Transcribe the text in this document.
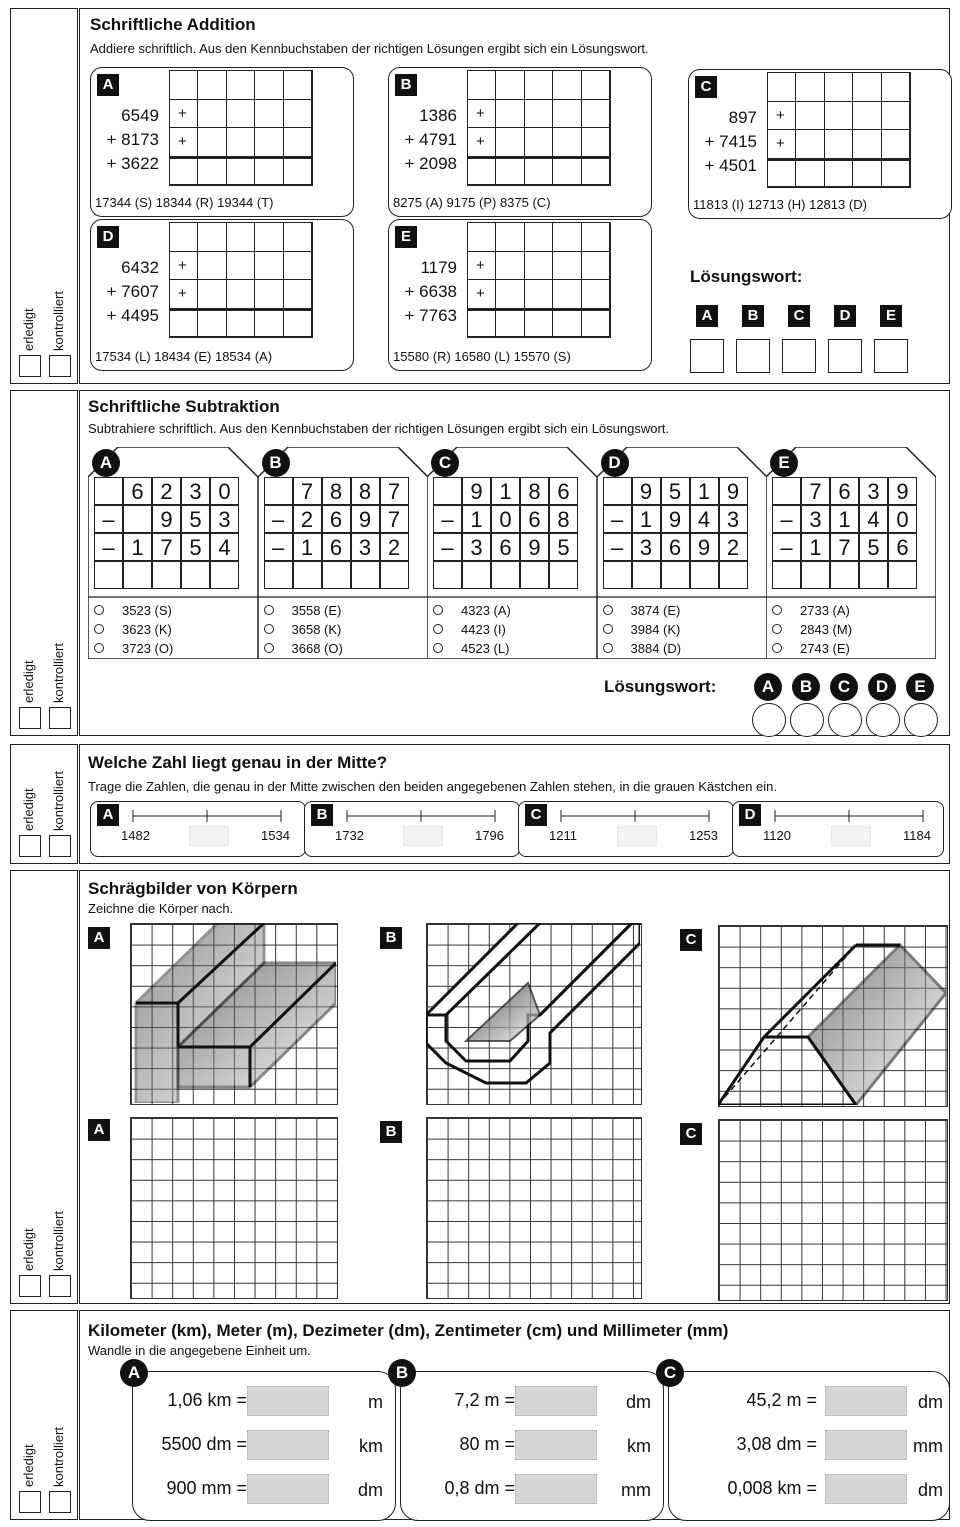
erledigt kontrolliert
erledigt kontrolliert
erledigt kontrolliert
erledigt kontrolliert
erledigt kontrolliert
Schriftliche Addition
Addiere schriftlich. Aus den Kennbuchstaben der richtigen Lösungen ergibt sich ein Lösungswort.
A
6549
+ 8173
+ 3622
+
+
17344 (S) 18344 (R) 19344 (T)
B
1386
+ 4791
+ 2098
+
+
8275 (A) 9175 (P) 8375 (C)
C
897
+ 7415
+ 4501
+
+
11813 (I) 12713 (H) 12813 (D)
D
6432
+ 7607
+ 4495
+
+
17534 (L) 18434 (E) 18534 (A)
E
1179
+ 6638
+ 7763
+
+
15580 (R) 16580 (L) 15570 (S)
Lösungswort:
A	B	C	D	E
Schriftliche Subtraktion
Subtrahiere schriftlich. Aus den Kennbuchstaben der richtigen Lösungen ergibt sich ein Lösungswort.
A
6 2 3 0
–	9 5 3
– 1 7 5 4
3523 (S)
3623 (K)
3723 (O)
B
7 8 8 7
– 2 6 9 7
– 1 6 3 2
3558 (E)
3658 (K)
3668 (O)
C
9 1 8 6
– 1 0 6 8
– 3 6 9 5
4323 (A)
4423 (I)
4523 (L)
D
9 5 1 9
– 1 9 4 3
– 3 6 9 2
3874 (E)
3984 (K)
3884 (D)
E
7 6 3 9
– 3 1 4 0
– 1 7 5 6
2733 (A)
2843 (M)
2743 (E)
Lösungswort:	A	B	C	D	E
Welche Zahl liegt genau in der Mitte?
Trage die Zahlen, die genau in der Mitte zwischen den beiden angegebenen Zahlen stehen, in die grauen Kästchen ein.
A
1482	1534
B
1732	1796
C
1211	1253
D
1120	1184
Schrägbilder von Körpern
Zeichne die Körper nach.
A	B	C
A	B	C
Kilometer (km), Meter (m), Dezimeter (dm), Zentimeter (cm) und Millimeter (mm)
Wandle in die angegebene Einheit um.
1,06 km =	m
5500 dm =	km
900 mm =	dm
A
7,2 m =	dm
80 m =	km
0,8 dm =	mm
B
45,2 m =	dm
3,08 dm =	mm
0,008 km =	dm
C
